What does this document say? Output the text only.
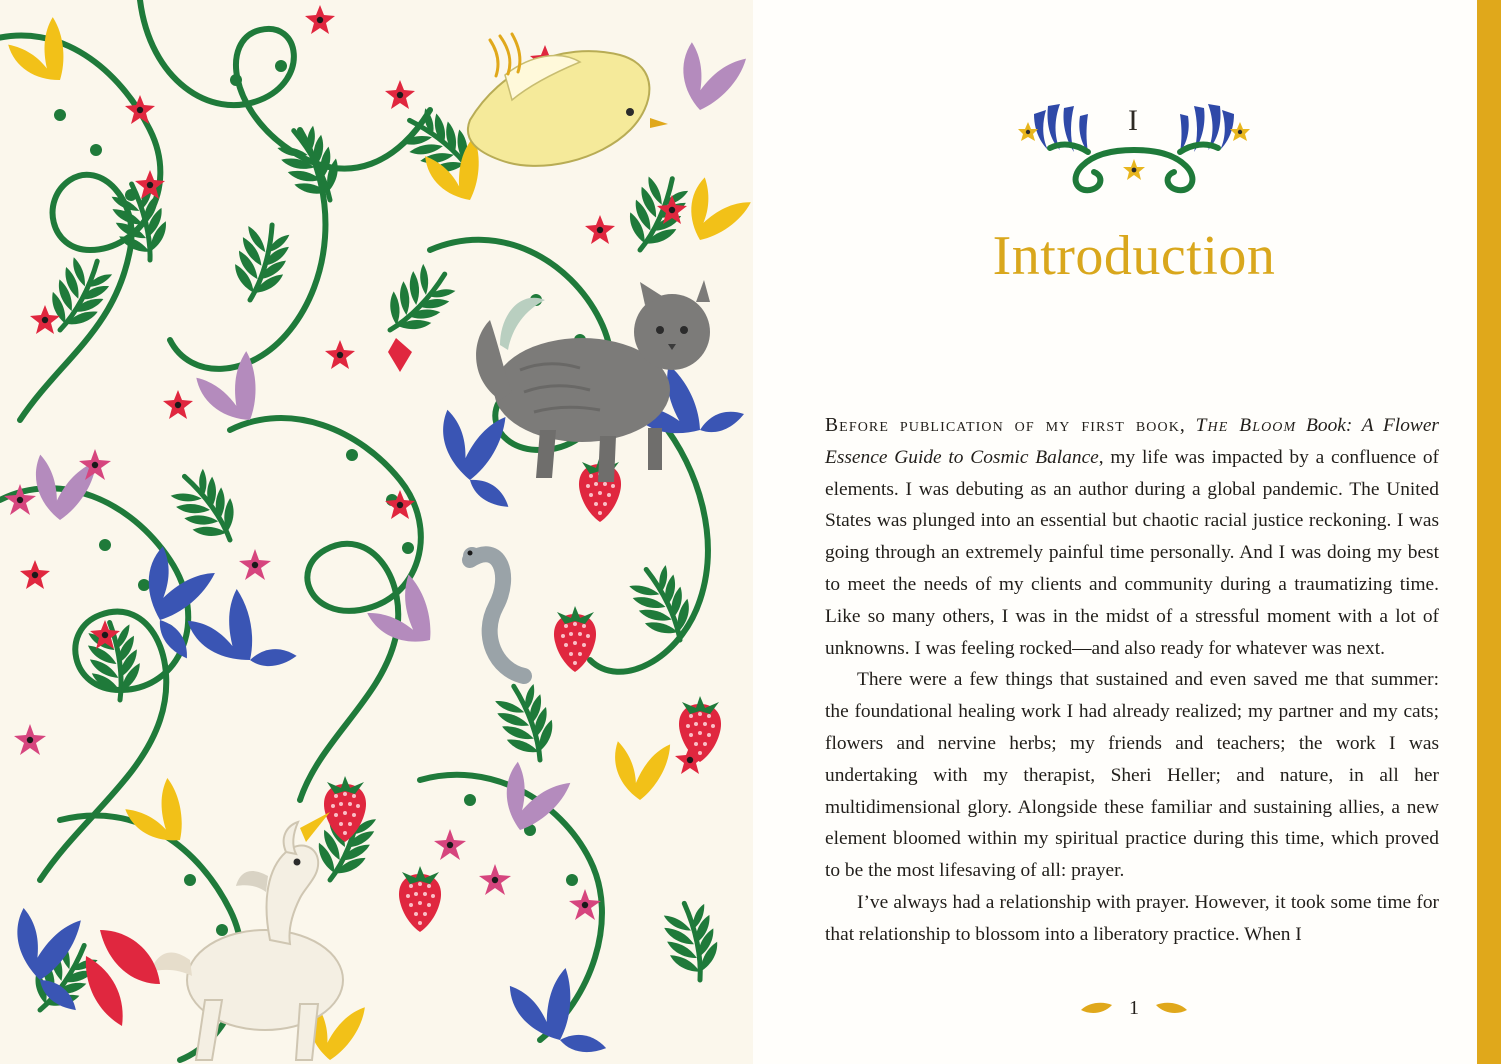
I
Introduction

Before publication of my first book, The Bloom Book: A Flower Essence Guide to Cosmic Balance, my life was impacted by a confluence of elements. I was debuting as an author during a global pandemic. The United States was plunged into an essential but chaotic racial justice reckoning. I was going through an extremely painful time personally. And I was doing my best to meet the needs of my clients and community during a traumatizing time. Like so many others, I was in the midst of a stressful moment with a lot of unknowns. I was feeling rocked—and also ready for whatever was next.

There were a few things that sustained and even saved me that summer: the foundational healing work I had already realized; my partner and my cats; flowers and nervine herbs; my friends and teachers; the work I was undertaking with my therapist, Sheri Heller; and nature, in all her multidimensional glory. Alongside these familiar and sustaining allies, a new element bloomed within my spiritual practice during this time, which proved to be the most lifesaving of all: prayer.

I’ve always had a relationship with prayer. However, it took some time for that relationship to blossom into a liberatory practice. When I

1
